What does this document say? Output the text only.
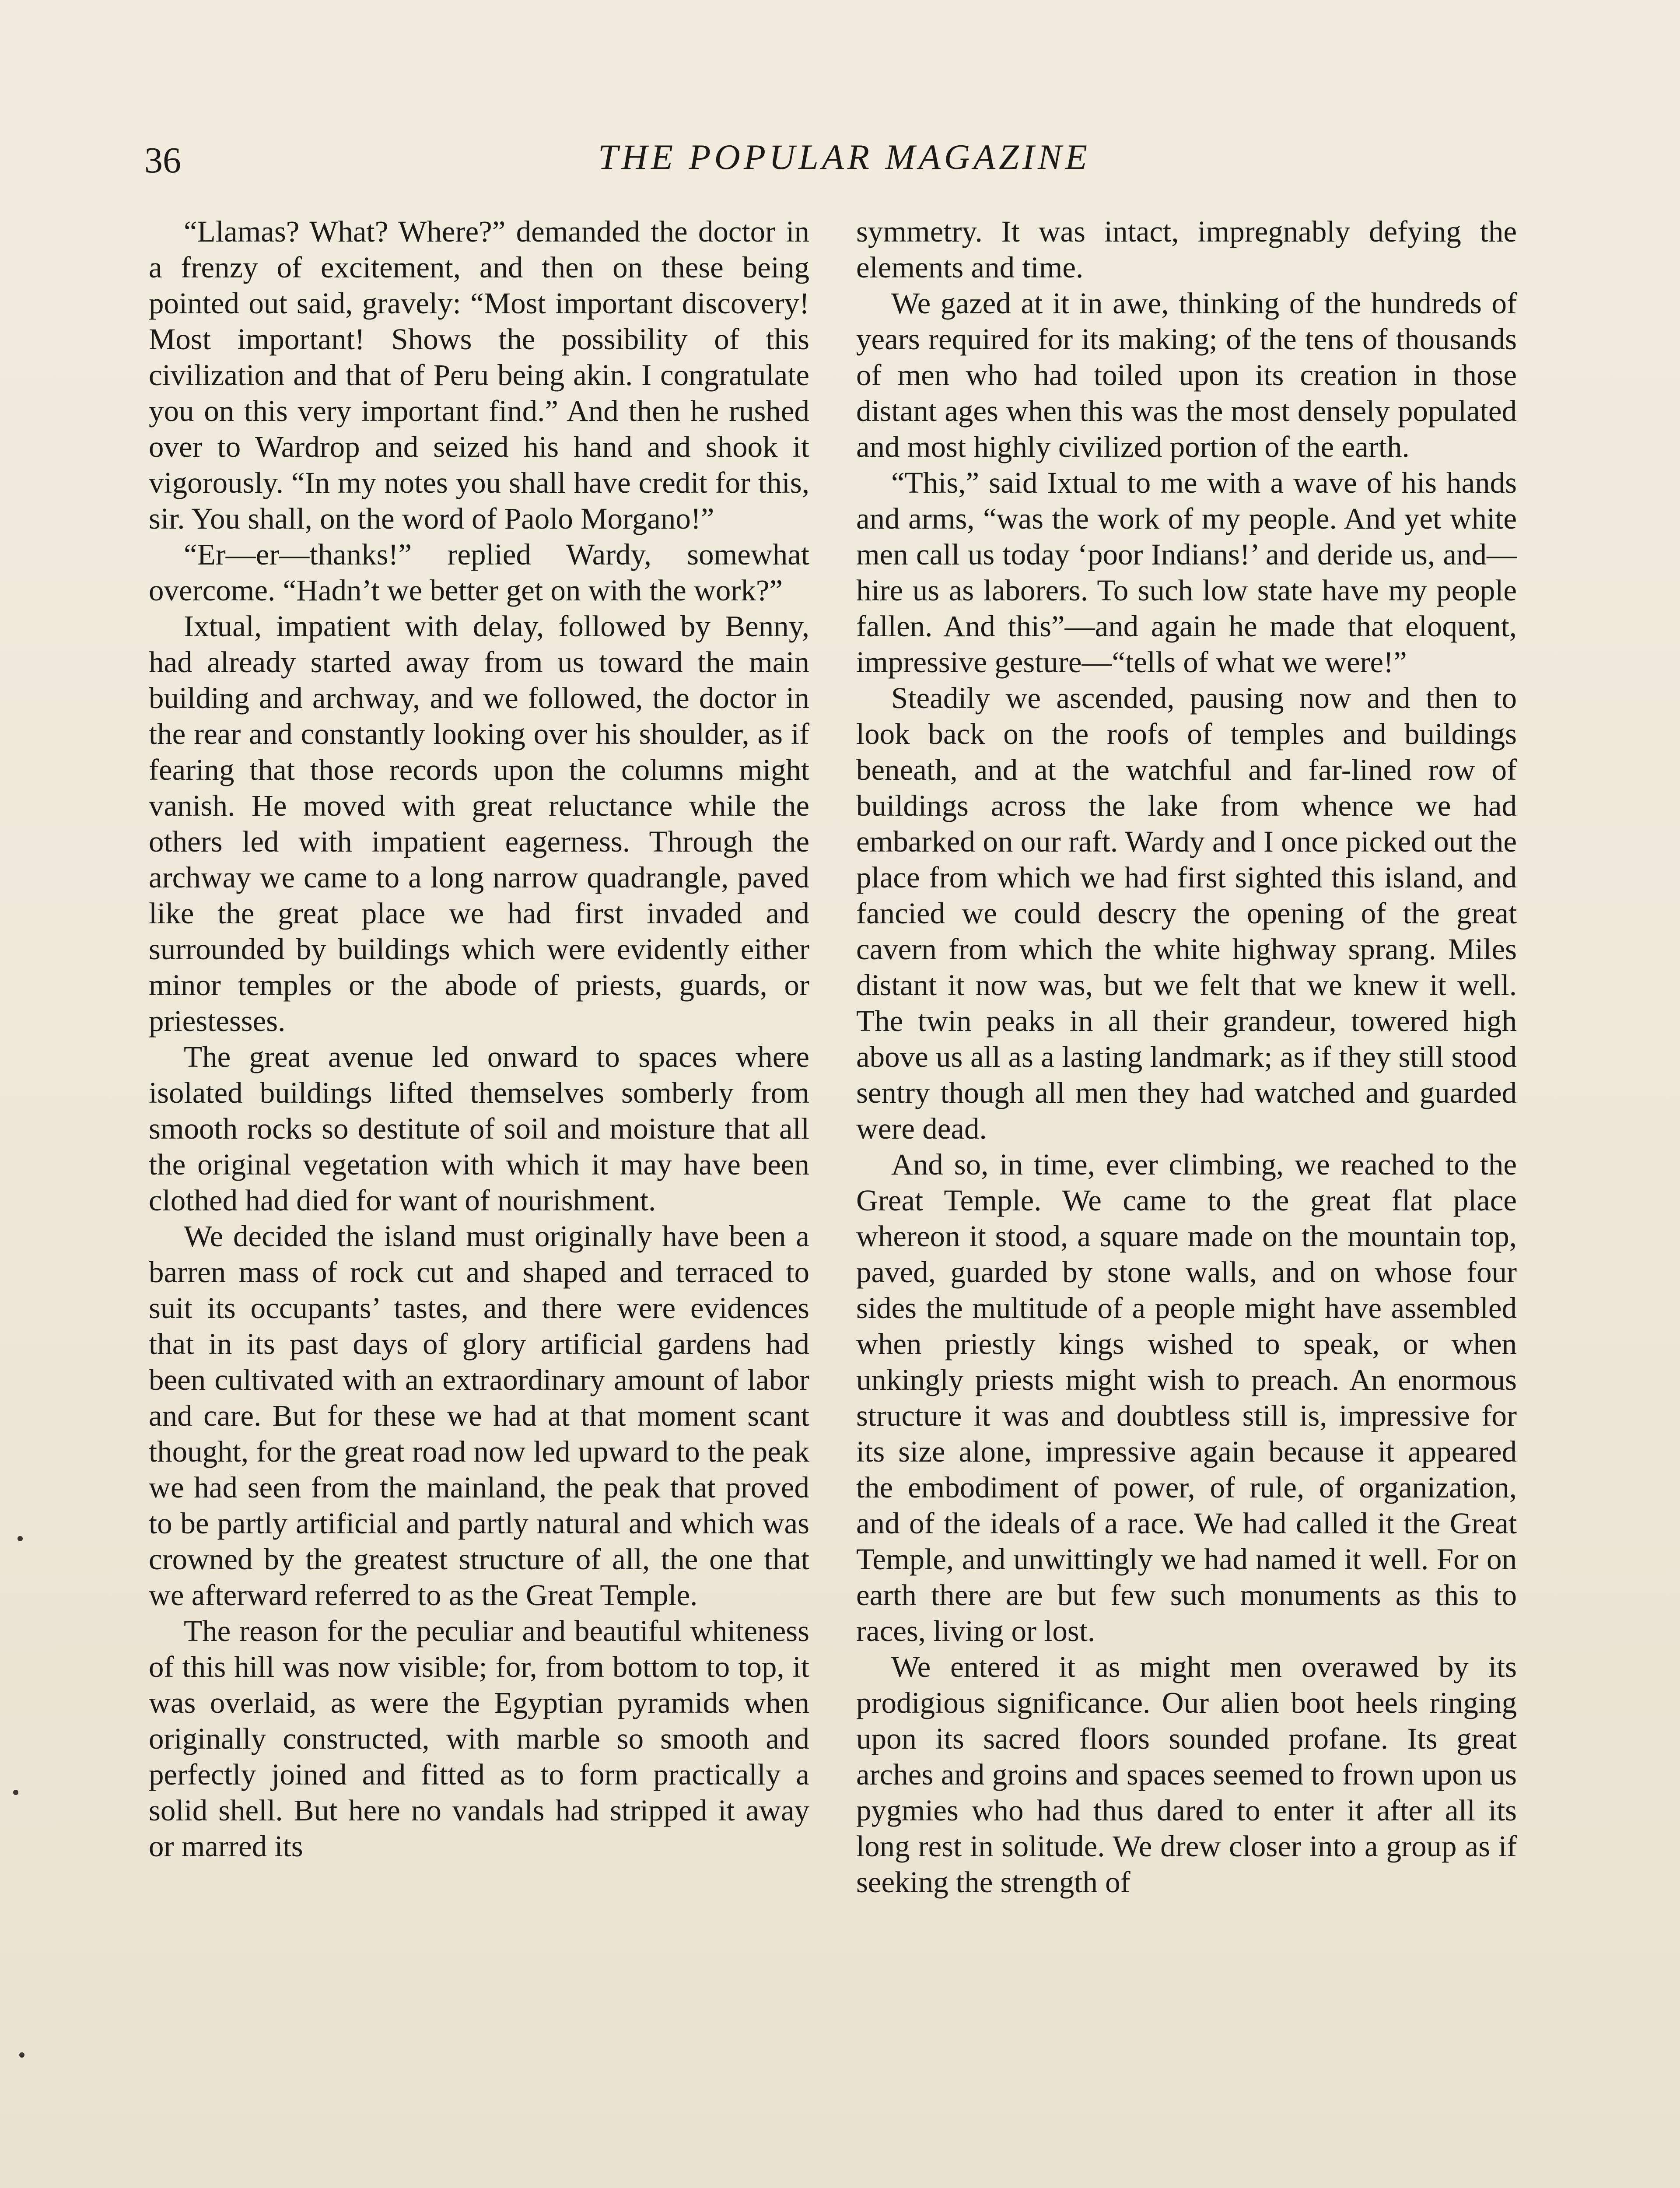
36	THE POPULAR MAGAZINE

“Llamas? What? Where?” demanded the doctor in a frenzy of excitement, and then on these being pointed out said, gravely: “Most important discovery! Most important! Shows the possibility of this civilization and that of Peru being akin. I congratulate you on this very important find.” And then he rushed over to Wardrop and seized his hand and shook it vigorously. “In my notes you shall have credit for this, sir. You shall, on the word of Paolo Morgano!”

“Er—er—thanks!” replied Wardy, somewhat overcome. “Hadn’t we better get on with the work?”

Ixtual, impatient with delay, followed by Benny, had already started away from us toward the main building and archway, and we followed, the doctor in the rear and constantly looking over his shoulder, as if fearing that those records upon the columns might vanish. He moved with great reluctance while the others led with impatient eagerness. Through the archway we came to a long narrow quadrangle, paved like the great place we had first invaded and surrounded by buildings which were evidently either minor temples or the abode of priests, guards, or priestesses.

The great avenue led onward to spaces where isolated buildings lifted themselves somberly from smooth rocks so destitute of soil and moisture that all the original vegetation with which it may have been clothed had died for want of nourishment.

We decided the island must originally have been a barren mass of rock cut and shaped and terraced to suit its occupants’ tastes, and there were evidences that in its past days of glory artificial gardens had been cultivated with an extraordinary amount of labor and care. But for these we had at that moment scant thought, for the great road now led upward to the peak we had seen from the mainland, the peak that proved to be partly artificial and partly natural and which was crowned by the greatest structure of all, the one that we afterward referred to as the Great Temple.

The reason for the peculiar and beautiful whiteness of this hill was now visible; for, from bottom to top, it was overlaid, as were the Egyptian pyramids when originally constructed, with marble so smooth and perfectly joined and fitted as to form practically a solid shell. But here no vandals had stripped it away or marred its

symmetry. It was intact, impregnably defying the elements and time.

We gazed at it in awe, thinking of the hundreds of years required for its making; of the tens of thousands of men who had toiled upon its creation in those distant ages when this was the most densely populated and most highly civilized portion of the earth.

“This,” said Ixtual to me with a wave of his hands and arms, “was the work of my people. And yet white men call us today ‘poor Indians!’ and deride us, and—hire us as laborers. To such low state have my people fallen. And this”—and again he made that eloquent, impressive gesture—“tells of what we were!”

Steadily we ascended, pausing now and then to look back on the roofs of temples and buildings beneath, and at the watchful and far-lined row of buildings across the lake from whence we had embarked on our raft. Wardy and I once picked out the place from which we had first sighted this island, and fancied we could descry the opening of the great cavern from which the white highway sprang. Miles distant it now was, but we felt that we knew it well. The twin peaks in all their grandeur, towered high above us all as a lasting landmark; as if they still stood sentry though all men they had watched and guarded were dead.

And so, in time, ever climbing, we reached to the Great Temple. We came to the great flat place whereon it stood, a square made on the mountain top, paved, guarded by stone walls, and on whose four sides the multitude of a people might have assembled when priestly kings wished to speak, or when unkingly priests might wish to preach. An enormous structure it was and doubtless still is, impressive for its size alone, impressive again because it appeared the embodiment of power, of rule, of organization, and of the ideals of a race. We had called it the Great Temple, and unwittingly we had named it well. For on earth there are but few such monuments as this to races, living or lost.

We entered it as might men overawed by its prodigious significance. Our alien boot heels ringing upon its sacred floors sounded profane. Its great arches and groins and spaces seemed to frown upon us pygmies who had thus dared to enter it after all its long rest in solitude. We drew closer into a group as if seeking the strength of
